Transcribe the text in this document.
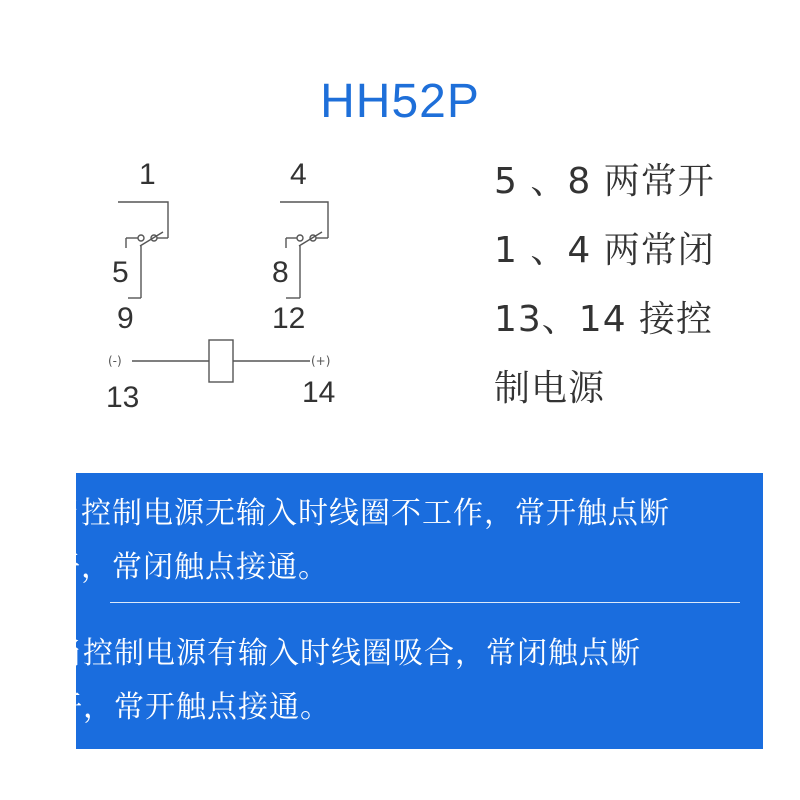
HH52P
1	4
5	8
9	12
(-)	(+)
13	14
5 、8 两常开
1 、4 两常闭
13、14 接控
制电源
当控制电源无输入时线圈不工作，常开触点断开，常闭触点接通。
当控制电源有输入时线圈吸合，常闭触点断开，常开触点接通。
